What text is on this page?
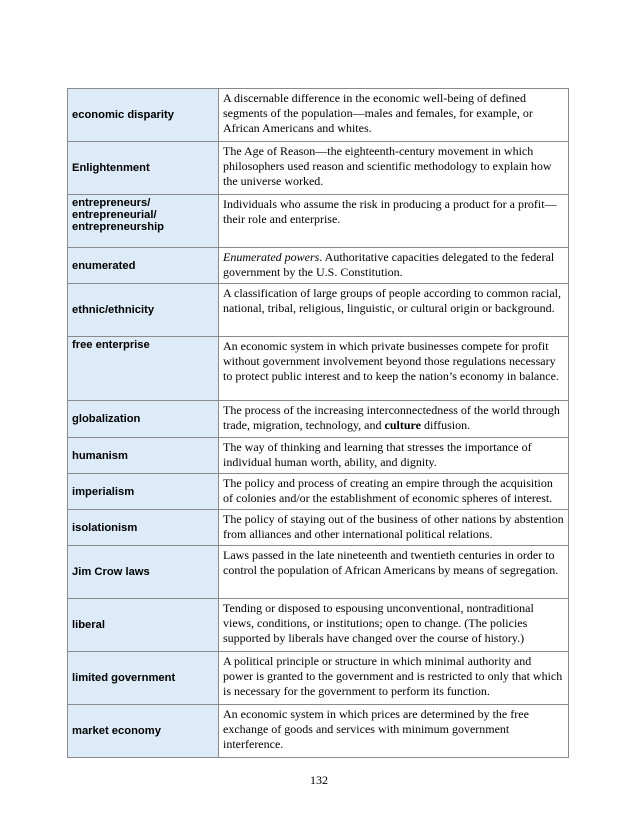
economic disparity	A discernable difference in the economic well-being of defined segments of the population—males and females, for example, or African Americans and whites.
Enlightenment	The Age of Reason—the eighteenth-century movement in which philosophers used reason and scientific methodology to explain how the universe worked.
entrepreneurs/ entrepreneurial/ entrepreneurship	Individuals who assume the risk in producing a product for a profit—their role and enterprise.
enumerated	Enumerated powers. Authoritative capacities delegated to the federal government by the U.S. Constitution.
ethnic/ethnicity	A classification of large groups of people according to common racial, national, tribal, religious, linguistic, or cultural origin or background.
free enterprise	An economic system in which private businesses compete for profit without government involvement beyond those regulations necessary to protect public interest and to keep the nation’s economy in balance.
globalization	The process of the increasing interconnectedness of the world through trade, migration, technology, and culture diffusion.
humanism	The way of thinking and learning that stresses the importance of individual human worth, ability, and dignity.
imperialism	The policy and process of creating an empire through the acquisition of colonies and/or the establishment of economic spheres of interest.
isolationism	The policy of staying out of the business of other nations by abstention from alliances and other international political relations.
Jim Crow laws	Laws passed in the late nineteenth and twentieth centuries in order to control the population of African Americans by means of segregation.
liberal	Tending or disposed to espousing unconventional, nontraditional views, conditions, or institutions; open to change. (The policies supported by liberals have changed over the course of history.)
limited government	A political principle or structure in which minimal authority and power is granted to the government and is restricted to only that which is necessary for the government to perform its function.
market economy	An economic system in which prices are determined by the free exchange of goods and services with minimum government interference.
132
